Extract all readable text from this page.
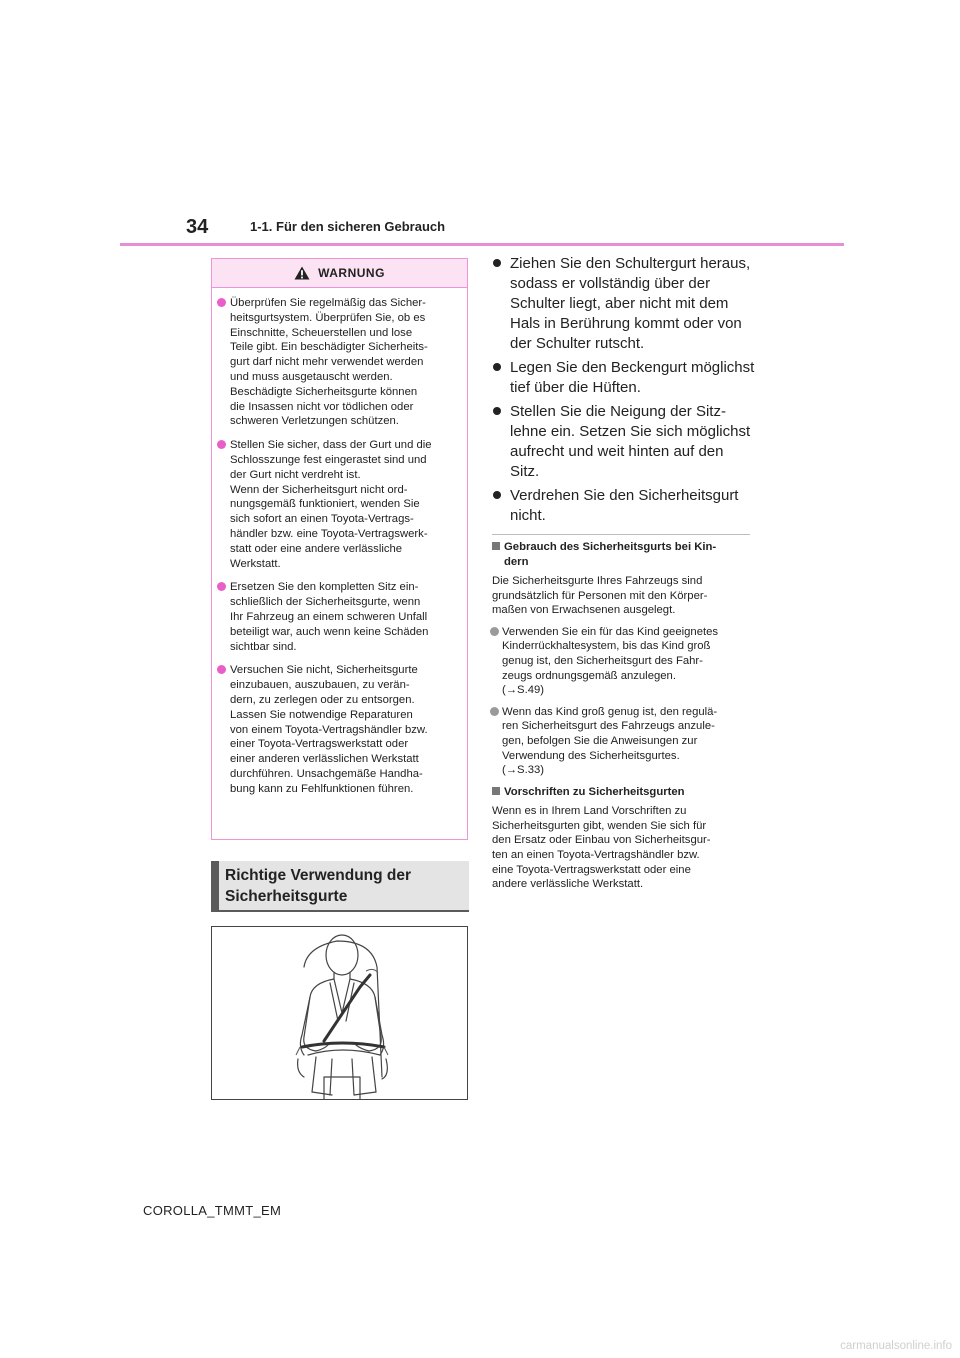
34	1-1. Für den sicheren Gebrauch
WARNUNG
Überprüfen Sie regelmäßig das Sicher-
heitsgurtsystem. Überprüfen Sie, ob es
Einschnitte, Scheuerstellen und lose
Teile gibt. Ein beschädigter Sicherheits-
gurt darf nicht mehr verwendet werden
und muss ausgetauscht werden.
Beschädigte Sicherheitsgurte können
die Insassen nicht vor tödlichen oder
schweren Verletzungen schützen.
Stellen Sie sicher, dass der Gurt und die
Schlosszunge fest eingerastet sind und
der Gurt nicht verdreht ist.
Wenn der Sicherheitsgurt nicht ord-
nungsgemäß funktioniert, wenden Sie
sich sofort an einen Toyota-Vertrags-
händler bzw. eine Toyota-Vertragswerk-
statt oder eine andere verlässliche
Werkstatt.
Ersetzen Sie den kompletten Sitz ein-
schließlich der Sicherheitsgurte, wenn
Ihr Fahrzeug an einem schweren Unfall
beteiligt war, auch wenn keine Schäden
sichtbar sind.
Versuchen Sie nicht, Sicherheitsgurte
einzubauen, auszubauen, zu verän-
dern, zu zerlegen oder zu entsorgen.
Lassen Sie notwendige Reparaturen
von einem Toyota-Vertragshändler bzw.
einer Toyota-Vertragswerkstatt oder
einer anderen verlässlichen Werkstatt
durchführen. Unsachgemäße Handha-
bung kann zu Fehlfunktionen führen.
Richtige Verwendung der
Sicherheitsgurte
Ziehen Sie den Schultergurt heraus,
sodass er vollständig über der
Schulter liegt, aber nicht mit dem
Hals in Berührung kommt oder von
der Schulter rutscht.
Legen Sie den Beckengurt möglichst
tief über die Hüften.
Stellen Sie die Neigung der Sitz-
lehne ein. Setzen Sie sich möglichst
aufrecht und weit hinten auf den
Sitz.
Verdrehen Sie den Sicherheitsgurt
nicht.
Gebrauch des Sicherheitsgurts bei Kin-
dern
Die Sicherheitsgurte Ihres Fahrzeugs sind
grundsätzlich für Personen mit den Körper-
maßen von Erwachsenen ausgelegt.
Verwenden Sie ein für das Kind geeignetes
Kinderrückhaltesystem, bis das Kind groß
genug ist, den Sicherheitsgurt des Fahr-
zeugs ordnungsgemäß anzulegen.
(→S.49)
Wenn das Kind groß genug ist, den regulä-
ren Sicherheitsgurt des Fahrzeugs anzule-
gen, befolgen Sie die Anweisungen zur
Verwendung des Sicherheitsgurtes.
(→S.33)
Vorschriften zu Sicherheitsgurten
Wenn es in Ihrem Land Vorschriften zu
Sicherheitsgurten gibt, wenden Sie sich für
den Ersatz oder Einbau von Sicherheitsgur-
ten an einen Toyota-Vertragshändler bzw.
eine Toyota-Vertragswerkstatt oder eine
andere verlässliche Werkstatt.
COROLLA_TMMT_EM
carmanualsonline.info
